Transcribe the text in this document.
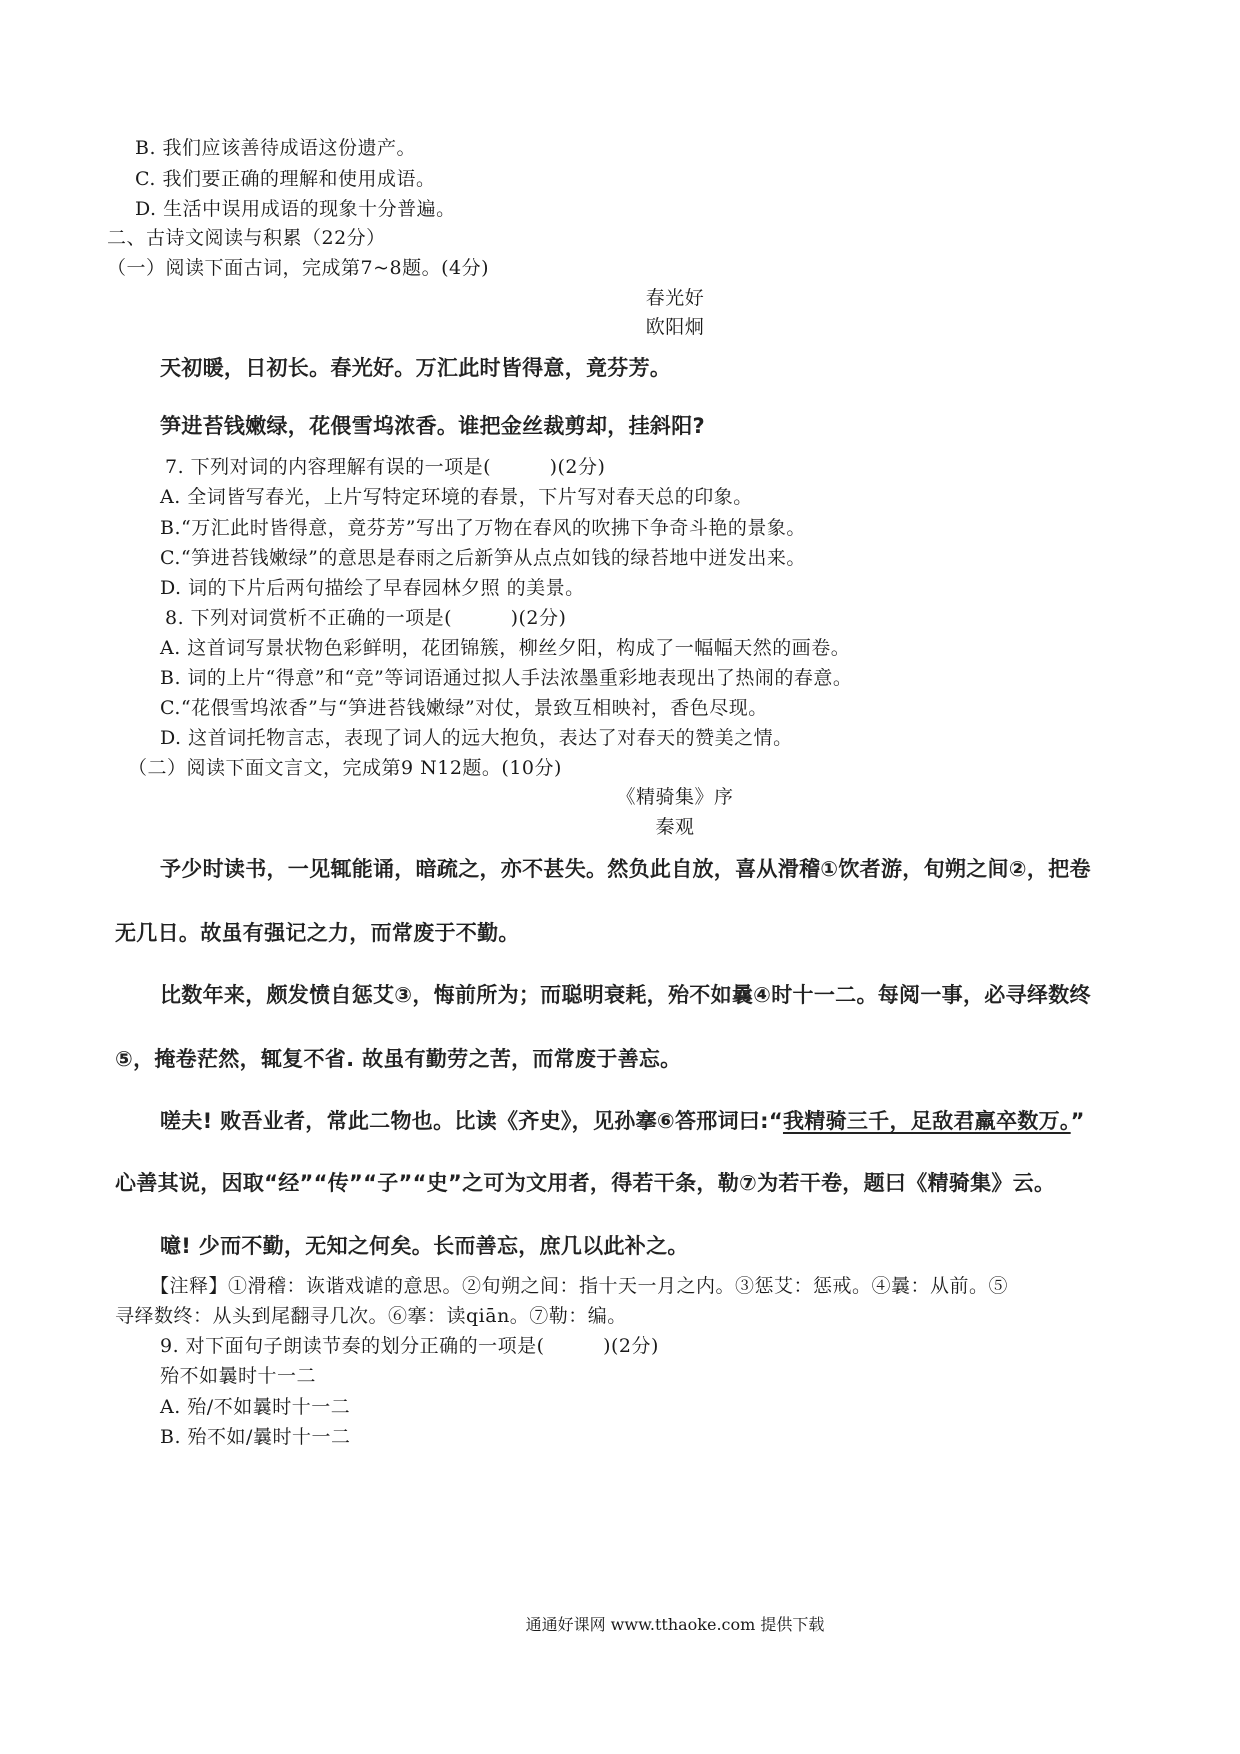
B. 我们应该善待成语这份遗产。
C. 我们要正确的理解和使用成语。
D. 生活中误用成语的现象十分普遍。
二、古诗文阅读与积累（22分）
（一）阅读下面古词，完成第7~8题。(4分)
春光好
欧阳炯
天初暖，日初长。春光好。万汇此时皆得意，竟芬芳。
笋进苔钱嫩绿，花偎雪坞浓香。谁把金丝裁剪却，挂斜阳?
7. 下列对词的内容理解有误的一项是(　　　)(2分)
A. 全词皆写春光，上片写特定环境的春景，下片写对春天总的印象。
B.“万汇此时皆得意，竟芬芳”写出了万物在春风的吹拂下争奇斗艳的景象。
C.“笋进苔钱嫩绿”的意思是春雨之后新笋从点点如钱的绿苔地中迸发出来。
D. 词的下片后两句描绘了早春园林夕照 的美景。
8. 下列对词赏析不正确的一项是(　　　)(2分)
A. 这首词写景状物色彩鲜明，花团锦簇，柳丝夕阳，构成了一幅幅天然的画卷。
B. 词的上片“得意”和“竞”等词语通过拟人手法浓墨重彩地表现出了热闹的春意。
C.“花偎雪坞浓香”与“笋进苔钱嫩绿”对仗，景致互相映衬，香色尽现。
D. 这首词托物言志，表现了词人的远大抱负，表达了对春天的赞美之情。
（二）阅读下面文言文，完成第9 N12题。(10分)
《精骑集》序
秦观
予少时读书，一见辄能诵，暗疏之，亦不甚失。然负此自放，喜从滑稽①饮者游，旬朔之间②，把卷
无几日。故虽有强记之力，而常废于不勤。
比数年来，颇发愤自惩艾③，悔前所为；而聪明衰耗，殆不如曩④时十一二。每阅一事，必寻绎数终
⑤，掩卷茫然，辄复不省. 故虽有勤劳之苦，而常废于善忘。
嗟夫! 败吾业者，常此二物也。比读《齐史》，见孙搴⑥答邢词曰:“我精骑三千，足敌君羸卒数万。”
心善其说，因取“经”“传”“子”“史”之可为文用者，得若干条，勒⑦为若干卷，题曰《精骑集》云。
噫! 少而不勤，无知之何矣。长而善忘，庶几以此补之。
【注释】①滑稽：诙谐戏谑的意思。②旬朔之间：指十天一月之内。③惩艾：惩戒。④曩：从前。⑤
寻绎数终：从头到尾翻寻几次。⑥搴：读qiān。⑦勒：编。
9. 对下面句子朗读节奏的划分正确的一项是(　　　)(2分)
殆不如曩时十一二
A. 殆/不如曩时十一二
B. 殆不如/曩时十一二
通通好课网 www.tthaoke.com 提供下载
